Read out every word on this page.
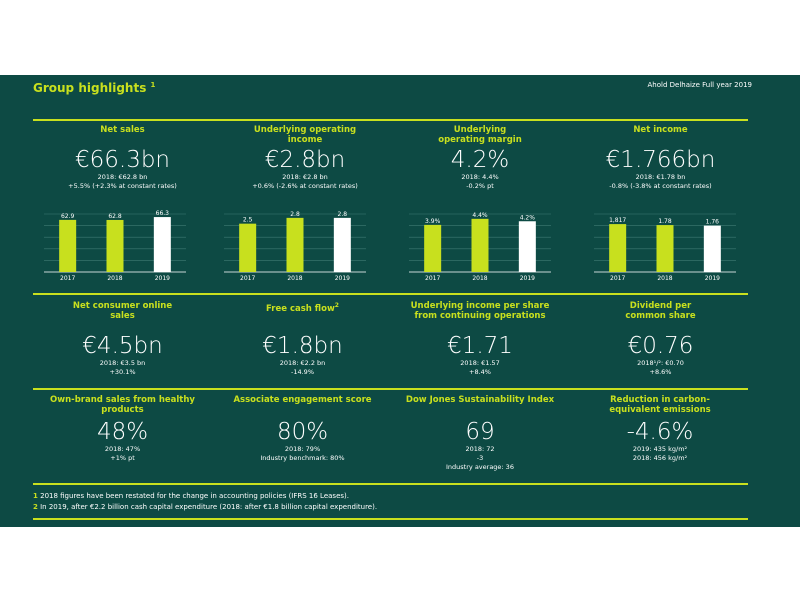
Group highlights $^1$	Ahold Delhaize Full year 2019
Net sales
€66.3bn
2018: €62.8 bn
+5.5% (+2.3% at constant rates)
Underlying operating income
€2.8bn
2018: €2.8 bn
+0.6% (-2.6% at constant rates)
Underlying operating margin
4.2%
2018: 4.4%
-0.2% pt
Net income
€1.766bn
2018: €1.78 bn
-0.8% (-3.8% at constant rates)
62.9
2017
62.8
2018
66.3
2019
2.5
2017
2.8
2018
2.8
2019
3.9%
2017
4.4%
2018
4.2%
2019
1,817
2017
1.78
2018
1.76
2019
Net consumer online sales
€4.5bn
2018: €3.5 bn
+30.1%
Free cash flow$^2$
€1.8bn
2018: €2.2 bn
-14.9%
Underlying income per share from continuing operations
€1.71
2018: €1.57
+8.4%
Dividend per common share
€0.76
2018¹/²: €0.70
+8.6%
Own-brand sales from healthy products
48%
2018: 47%
+1% pt
Associate engagement score
80%
2018: 79%
Industry benchmark: 80%
Dow Jones Sustainability Index
69
2018: 72
-3
Industry average: 36
Reduction in carbon-equivalent emissions
-4.6%
2019: 435 kg/m²
2018: 456 kg/m²
1 2018 figures have been restated for the change in accounting policies (IFRS 16 Leases).
2 In 2019, after €2.2 billion cash capital expenditure (2018: after €1.8 billion capital expenditure).
